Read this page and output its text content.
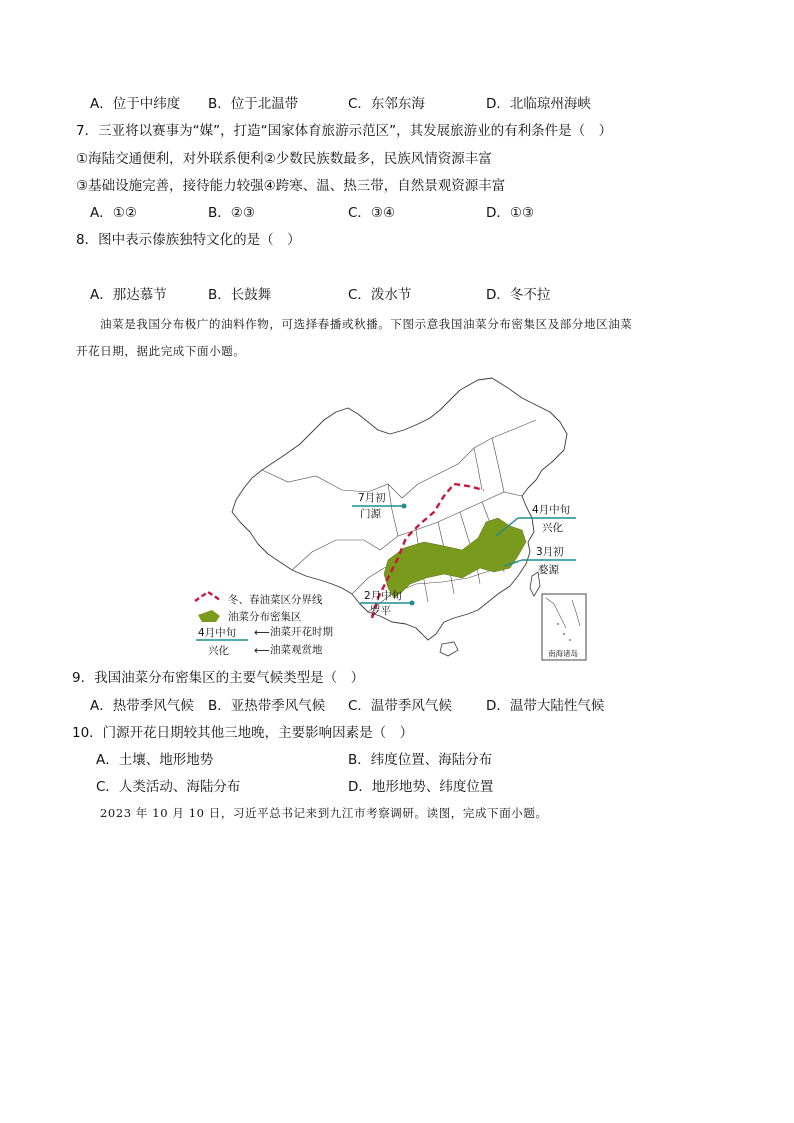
A．位于中纬度 B．位于北温带	C．东邻东海	D．北临琼州海峡
7．三亚将以赛事为“媒”，打造“国家体育旅游示范区”，其发展旅游业的有利条件是（　）
①海陆交通便利，对外联系便利②少数民族数最多，民族风情资源丰富
③基础设施完善，接待能力较强④跨寒、温、热三带，自然景观资源丰富
A．①②	B．②③	C．③④	D．①③
8．图中表示傣族独特文化的是（　）
A．那达慕节	B．长鼓舞	C．泼水节	D．冬不拉
油菜是我国分布极广的油料作物，可选择春播或秋播。下图示意我国油菜分布密集区及部分地区油菜
开花日期，据此完成下面小题。
7月初
门源	4月中旬
兴化
3月初
婺源
2月中旬
罗平
南海诸岛
冬、春油菜区分界线
油菜分布密集区
4月中旬
兴化
⟵ 油菜开花时期
⟵ 油菜观赏地
9．我国油菜分布密集区的主要气候类型是（　）
A．热带季风气候 B．亚热带季风气候 C．温带季风气候	D．温带大陆性气候
10．门源开花日期较其他三地晚，主要影响因素是（　）
A．土壤、地形地势	B．纬度位置、海陆分布
C．人类活动、海陆分布	D．地形地势、纬度位置
2023 年 10 月 10 日，习近平总书记来到九江市考察调研。读图，完成下面小题。
